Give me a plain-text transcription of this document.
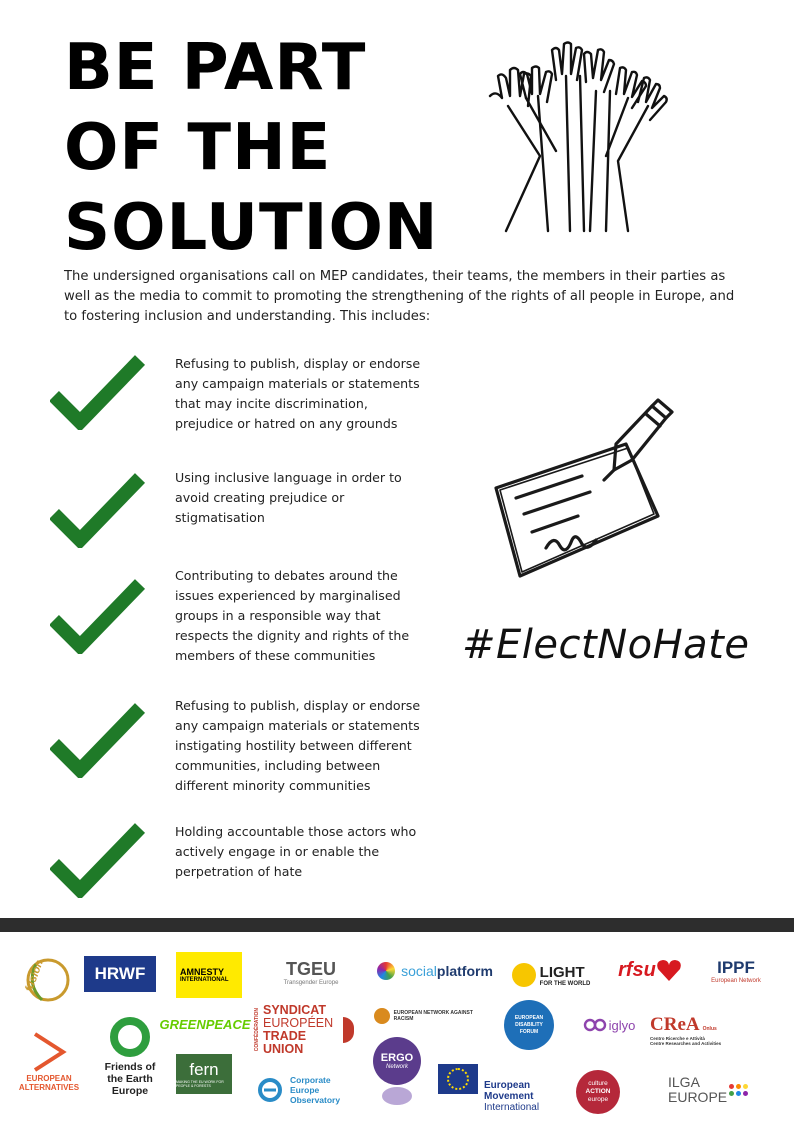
BE PART
OF THE
SOLUTION

The undersigned organisations call on MEP candidates, their teams, the members in their parties as well as the media to commit to promoting the strengthening of the rights of all people in Europe, and to fostering inclusion and understanding. This includes:

Refusing to publish, display or endorse any campaign materials or statements that may incite discrimination, prejudice or hatred on any grounds

Using inclusive language in order to avoid creating prejudice or stigmatisation

Contributing to debates around the issues experienced by marginalised groups in a responsible way that respects the dignity and rights of the members of these communities

Refusing to publish, display or endorse any campaign materials or statements instigating hostility between different communities, including between different minority communities

Holding accountable those actors who actively engage in or enable the perpetration of hate

#ElectNoHate

fusion	HRWF	AMNESTY
INTERNATIONAL
TGEU
Transgender Europe
social platform	LIGHT
FOR THE WORLD
rfsu	IPPF
European Network
EUROPEAN
ALTERNATIVES
Friends of
the Earth
Europe
GREENPEACE
fern
MAKING THE EU WORK FOR PEOPLE & FORESTS
CONFÉDÉRATION SYNDICAT
EUROPÉEN
TRADE UNION
EUROPEAN NETWORK AGAINST RACISM
Corporate
Europe
Observatory
ERGO
Network
EUROPEAN
DISABILITY
FORUM	iglyo CReA Onlus
Centro Ricerche e Attività
Centre Researches and Activities
European
Movement
International
culture
ACTION
europe
ILGA
EUROPE
